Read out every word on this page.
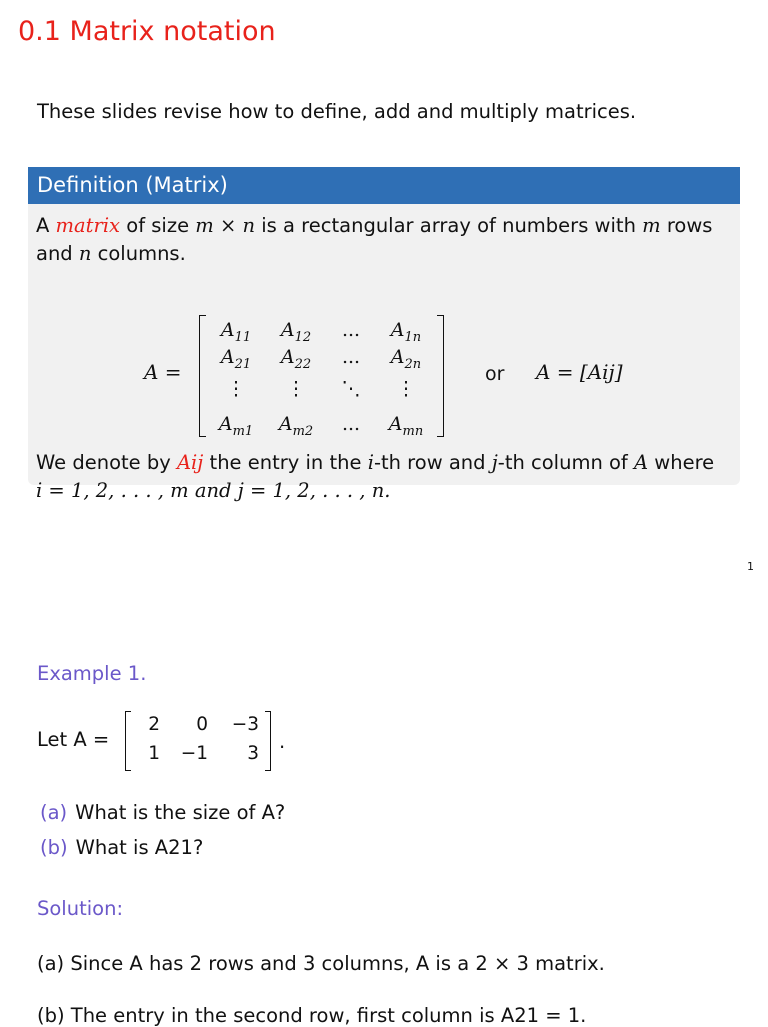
0.1 Matrix notation

These slides revise how to define, add and multiply matrices.

Definition (Matrix)

A matrix of size m × n is a rectangular array of numbers with m rows and n columns.

A =
$A_{11}$	$A_{12}$	...	$A_{1n}$
$A_{21}$	$A_{22}$	...	$A_{2n}$
⋮	⋮	⋱	⋮
$A_{m1}$	$A_{m2}$	...	$A_{mn}$
or A = [Aij]

We denote by Aij the entry in the i-th row and j-th column of A where
i = 1, 2, . . . , m and j = 1, 2, . . . , n.

1

Example 1.

Let A =
2	0	−3
1	−1	3
.

(a) What is the size of A?

(b) What is A21?

Solution:

(a) Since A has 2 rows and 3 columns, A is a 2 × 3 matrix.

(b) The entry in the second row, first column is A21 = 1.
